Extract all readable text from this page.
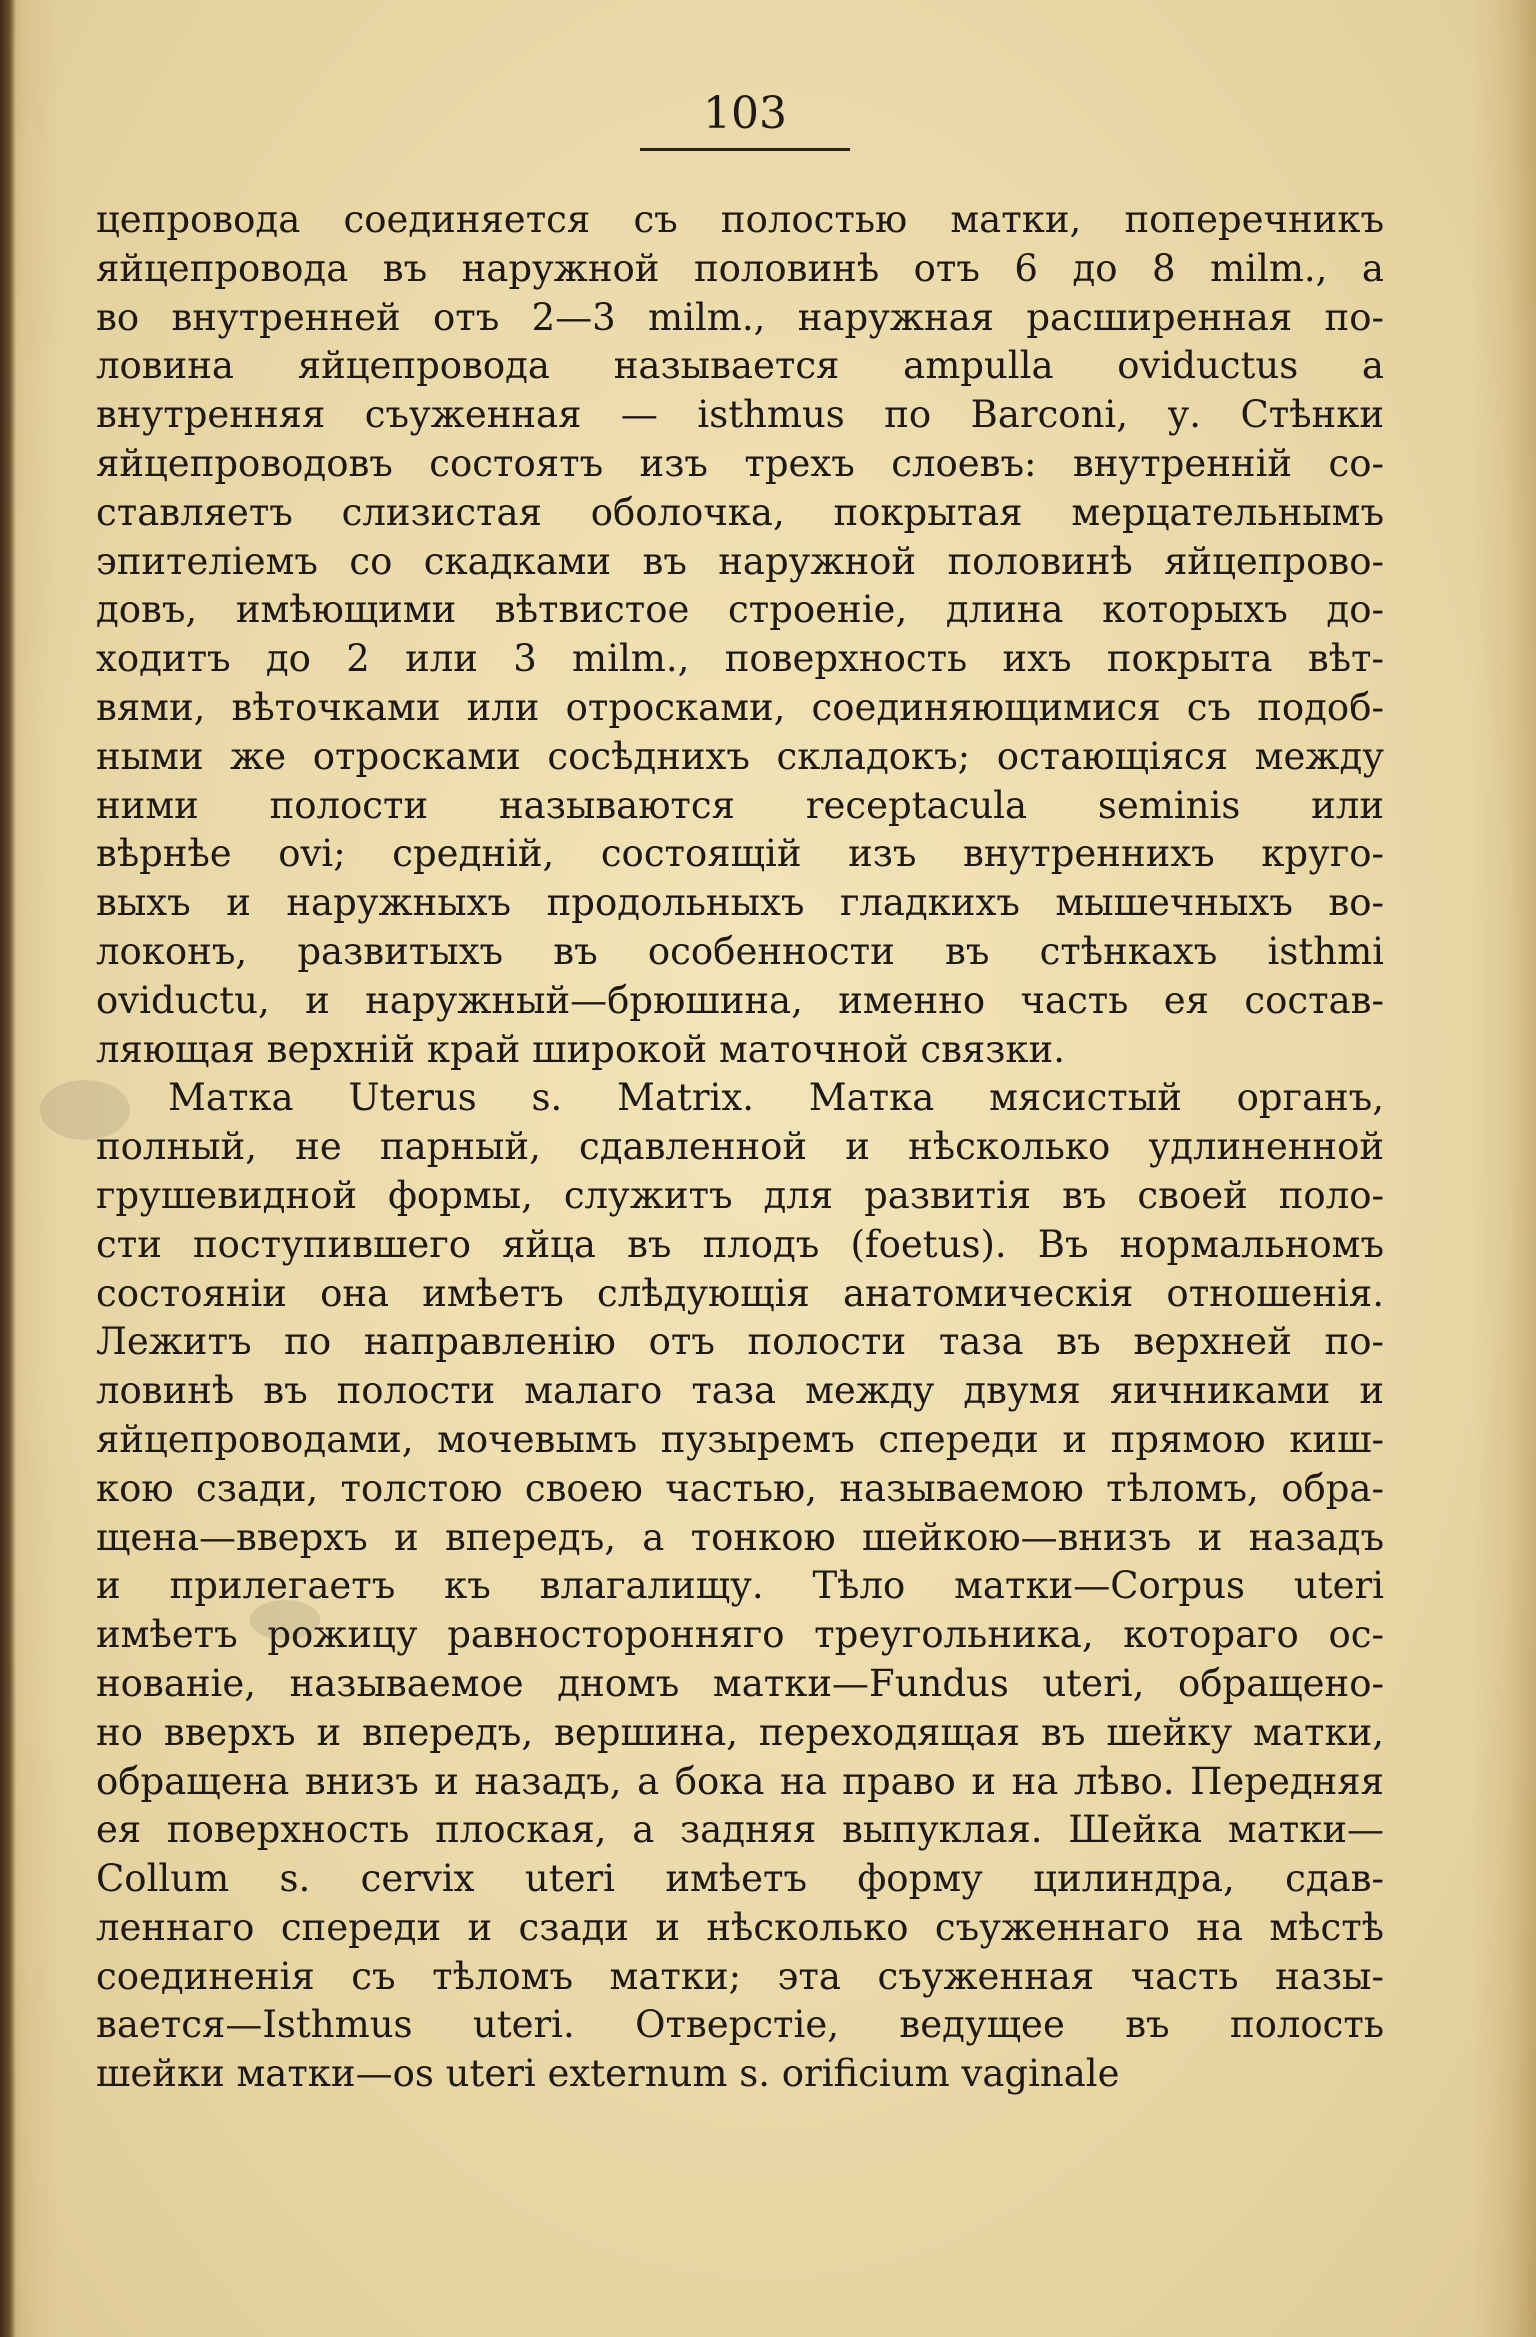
103
цепровода соединяется съ полостью матки, поперечникъ
яйцепровода въ наружной половинѣ отъ 6 до 8 milm., а
во внутренней отъ 2—3 milm., наружная расширенная по-
ловина яйцепровода называется ampulla oviductus а
внутренняя съуженная — isthmus по Barconi, у. Стѣнки
яйцепроводовъ состоятъ изъ трехъ слоевъ: внутренній со-
ставляетъ слизистая оболочка, покрытая мерцательнымъ
эпителіемъ со скадками въ наружной половинѣ яйцепрово-
довъ, имѣющими вѣтвистое строеніе, длина которыхъ до-
ходитъ до 2 или 3 milm., поверхность ихъ покрыта вѣт-
вями, вѣточками или отросками, соединяющимися съ подоб-
ными же отросками сосѣднихъ складокъ; остающіяся между
ними полости называются receptacula seminis или
вѣрнѣе ovi; средній, состоящій изъ внутреннихъ круго-
выхъ и наружныхъ продольныхъ гладкихъ мышечныхъ во-
локонъ, развитыхъ въ особенности въ стѣнкахъ isthmi
oviductu, и наружный—брюшина, именно часть ея состав-
ляющая верхній край широкой маточной связки.
Матка Uterus s. Matrix. Матка мясистый органъ,
полный, не парный, сдавленной и нѣсколько удлиненной
грушевидной формы, служитъ для развитія въ своей поло-
сти поступившего яйца въ плодъ (foetus). Въ нормальномъ
состояніи она имѣетъ слѣдующія анатомическія отношенія.
Лежитъ по направленію отъ полости таза въ верхней по-
ловинѣ въ полости малаго таза между двумя яичниками и
яйцепроводами, мочевымъ пузыремъ спереди и прямою киш-
кою сзади, толстою своею частью, называемою тѣломъ, обра-
щена—вверхъ и впередъ, а тонкою шейкою—внизъ и назадъ
и прилегаетъ къ влагалищу. Тѣло матки—Corpus uteri
имѣетъ рожицу равносторонняго треугольника, котораго ос-
нованіе, называемое дномъ матки—Fundus uteri, обращено-
но вверхъ и впередъ, вершина, переходящая въ шейку матки,
обращена внизъ и назадъ, а бока на право и на лѣво. Передняя
ея поверхность плоская, а задняя выпуклая. Шейка матки—
Collum s. cervix uteri имѣетъ форму цилиндра, сдав-
леннаго спереди и сзади и нѣсколько съуженнаго на мѣстѣ
соединенія съ тѣломъ матки; эта съуженная часть назы-
вается—Isthmus uteri. Отверстіе, ведущее въ полость
шейки матки—os uteri externum s. orificium vaginale
